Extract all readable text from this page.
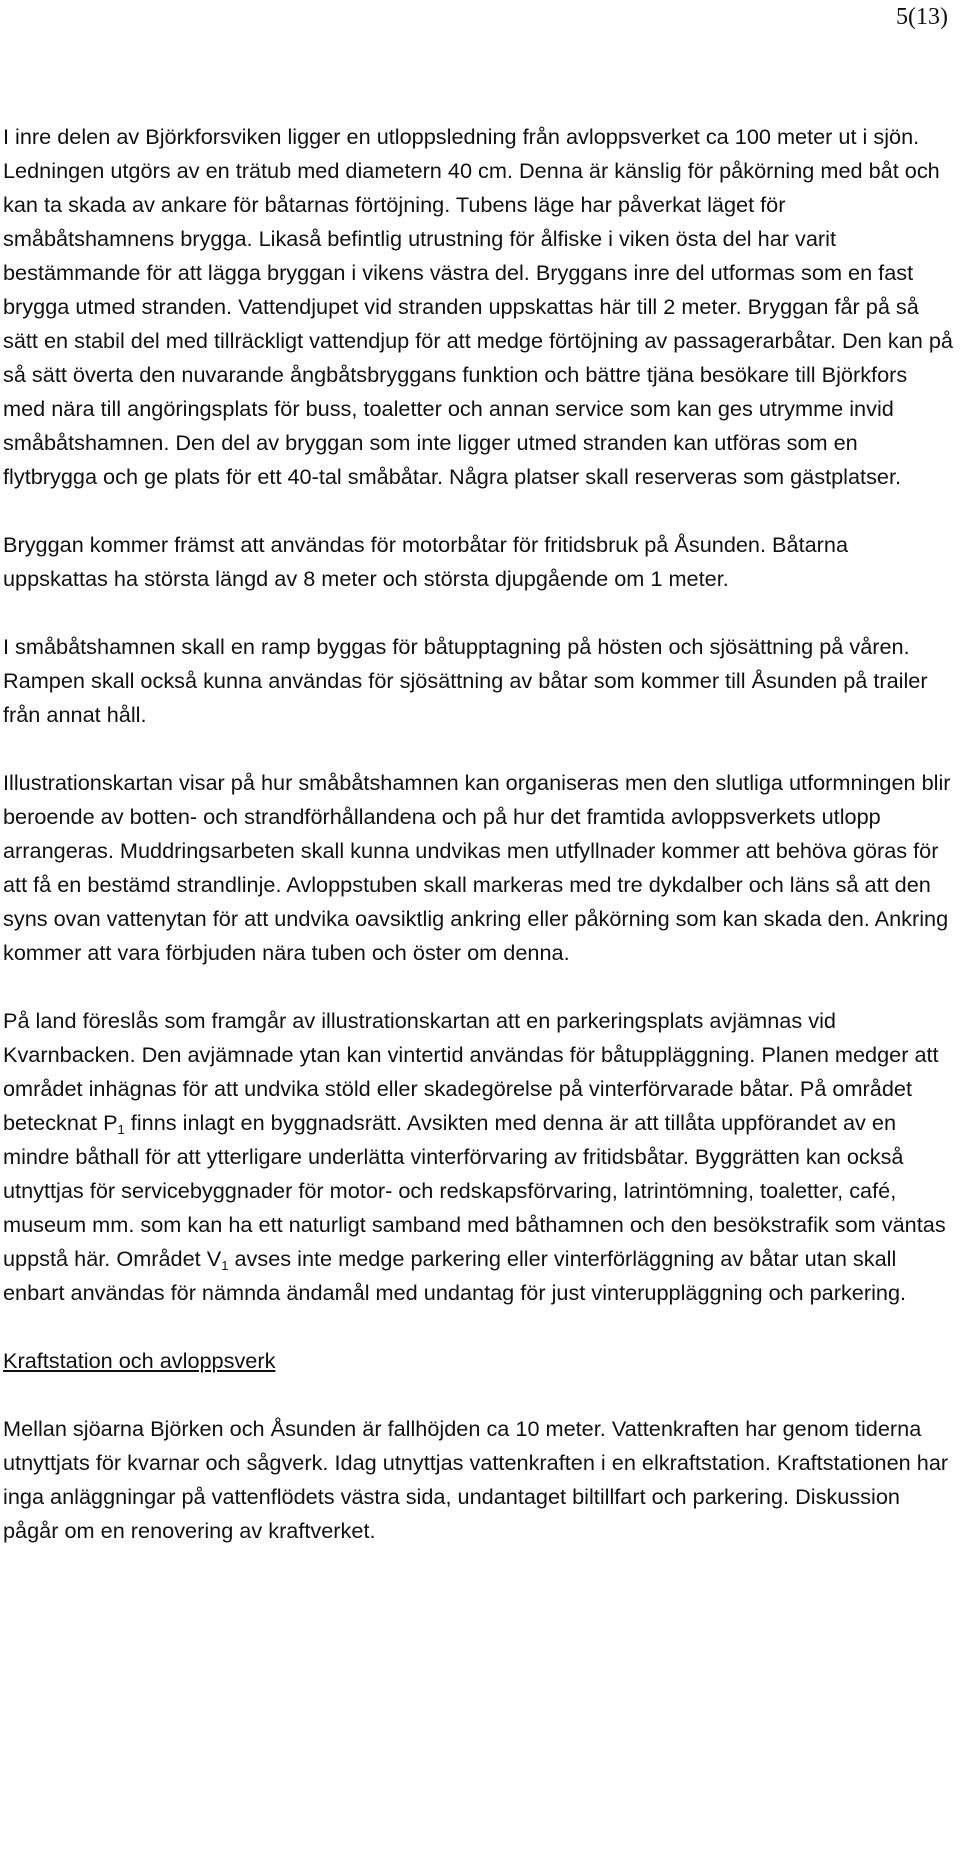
5(13)

I inre delen av Björkforsviken ligger en utloppsledning från avloppsverket ca 100 meter ut i sjön. Ledningen utgörs av en trätub med diametern 40 cm. Denna är känslig för påkörning med båt och kan ta skada av ankare för båtarnas förtöjning. Tubens läge har påverkat läget för småbåtshamnens brygga. Likaså befintlig utrustning för ålfiske i viken östa del har varit bestämmande för att lägga bryggan i vikens västra del. Bryggans inre del utformas som en fast brygga utmed stranden. Vattendjupet vid stranden uppskattas här till 2 meter. Bryggan får på så sätt en stabil del med tillräckligt vattendjup för att medge förtöjning av passagerarbåtar. Den kan på så sätt överta den nuvarande ångbåtsbryggans funktion och bättre tjäna besökare till Björkfors med nära till angöringsplats för buss, toaletter och annan service som kan ges utrymme invid småbåtshamnen. Den del av bryggan som inte ligger utmed stranden kan utföras som en flytbrygga och ge plats för ett 40-tal småbåtar. Några platser skall reserveras som gästplatser.

Bryggan kommer främst att användas för motorbåtar för fritidsbruk på Åsunden. Båtarna uppskattas ha största längd av 8 meter och största djupgående om 1 meter.

I småbåtshamnen skall en ramp byggas för båtupptagning på hösten och sjösättning på våren. Rampen skall också kunna användas för sjösättning av båtar som kommer till Åsunden på trailer från annat håll.

Illustrationskartan visar på hur småbåtshamnen kan organiseras men den slutliga utformningen blir beroende av botten- och strandförhållandena och på hur det framtida avloppsverkets utlopp arrangeras. Muddringsarbeten skall kunna undvikas men utfyllnader kommer att behöva göras för att få en bestämd strandlinje. Avloppstuben skall markeras med tre dykdalber och läns så att den syns ovan vattenytan för att undvika oavsiktlig ankring eller påkörning som kan skada den. Ankring kommer att vara förbjuden nära tuben och öster om denna.

På land föreslås som framgår av illustrationskartan att en parkeringsplats avjämnas vid Kvarnbacken. Den avjämnade ytan kan vintertid användas för båtuppläggning. Planen medger att området inhägnas för att undvika stöld eller skadegörelse på vinterförvarade båtar. På området betecknat $P_1$ finns inlagt en byggnadsrätt. Avsikten med denna är att tillåta uppförandet av en mindre båthall för att ytterligare underlätta vinterförvaring av fritidsbåtar. Byggrätten kan också utnyttjas för servicebyggnader för motor- och redskapsförvaring, latrintömning, toaletter, café, museum mm. som kan ha ett naturligt samband med båthamnen och den besökstrafik som väntas uppstå här. Området $V_1$ avses inte medge parkering eller vinterförläggning av båtar utan skall enbart användas för nämnda ändamål med undantag för just vinteruppläggning och parkering.

Kraftstation och avloppsverk

Mellan sjöarna Björken och Åsunden är fallhöjden ca 10 meter. Vattenkraften har genom tiderna utnyttjats för kvarnar och sågverk. Idag utnyttjas vattenkraften i en elkraftstation. Kraftstationen har inga anläggningar på vattenflödets västra sida, undantaget biltillfart och parkering. Diskussion pågår om en renovering av kraftverket.
